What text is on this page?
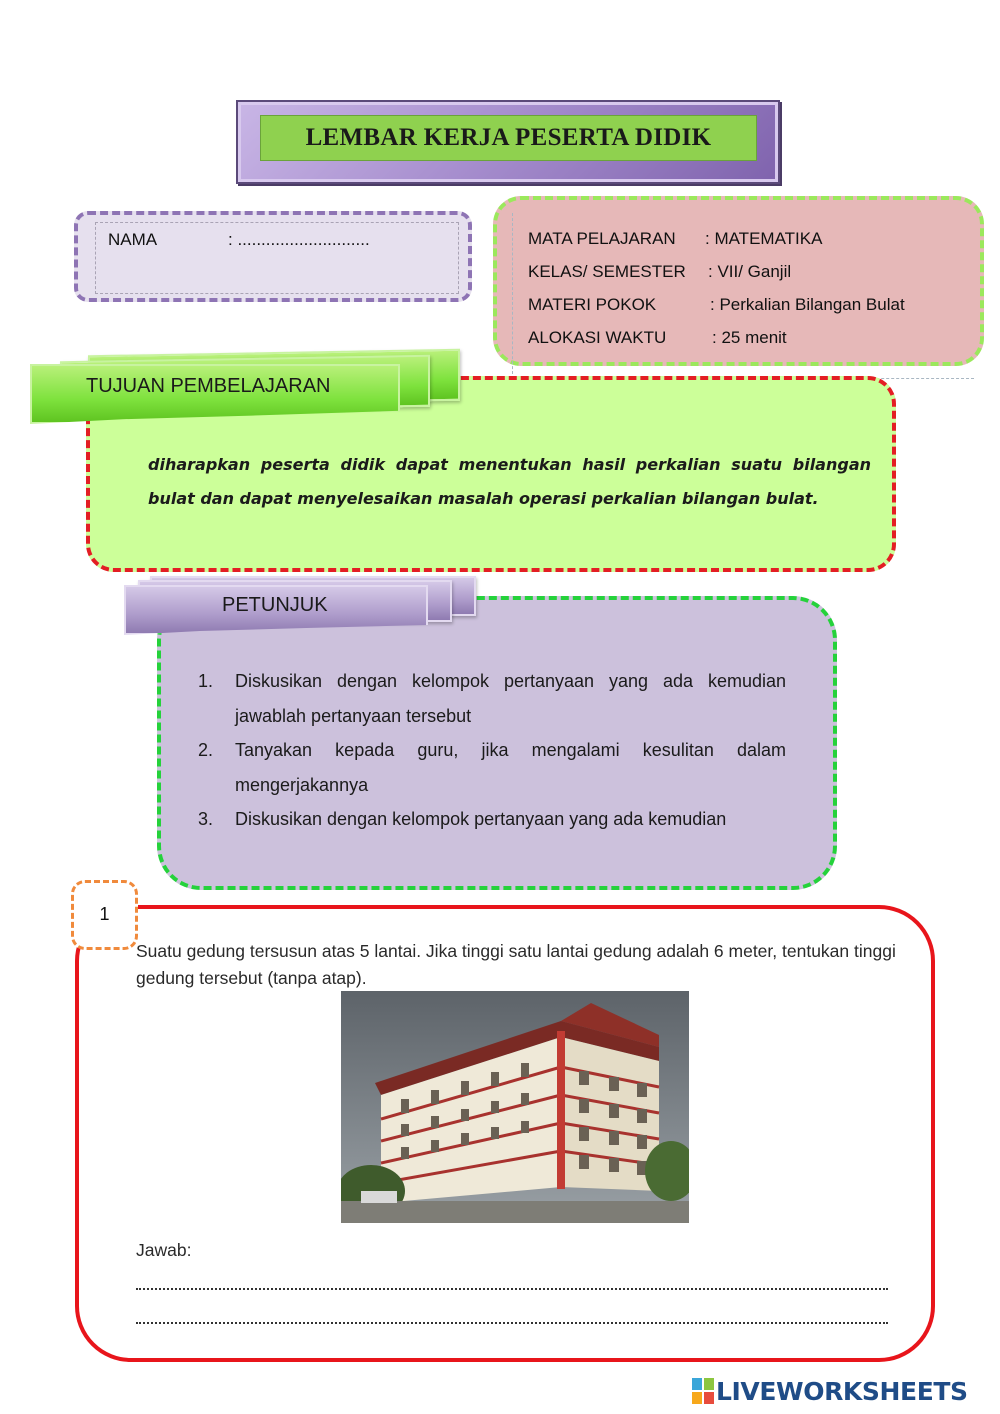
LEMBAR KERJA PESERTA DIDIK
NAMA	: ............................	MATA PELAJARAN : MATEMATIKA
KELAS/ SEMESTER : VII/ Ganjil
MATERI POKOK	: Perkalian Bilangan Bulat
ALOKASI WAKTU	: 25 menit
TUJUAN PEMBELAJARAN
diharapkan peserta didik dapat menentukan hasil perkalian suatu bilangan bulat dan dapat menyelesaikan masalah operasi perkalian bilangan bulat.
PETUNJUK
1.	Diskusikan dengan kelompok pertanyaan yang ada kemudian jawablah pertanyaan tersebut
2.	Tanyakan kepada guru, jika mengalami kesulitan dalam mengerjakannya
3.	Diskusikan dengan kelompok pertanyaan yang ada kemudian
1
Suatu gedung tersusun atas 5 lantai. Jika tinggi satu lantai gedung adalah 6 meter, tentukan tinggi gedung tersebut (tanpa atap).
Jawab:
LIVEWORKSHEETS
